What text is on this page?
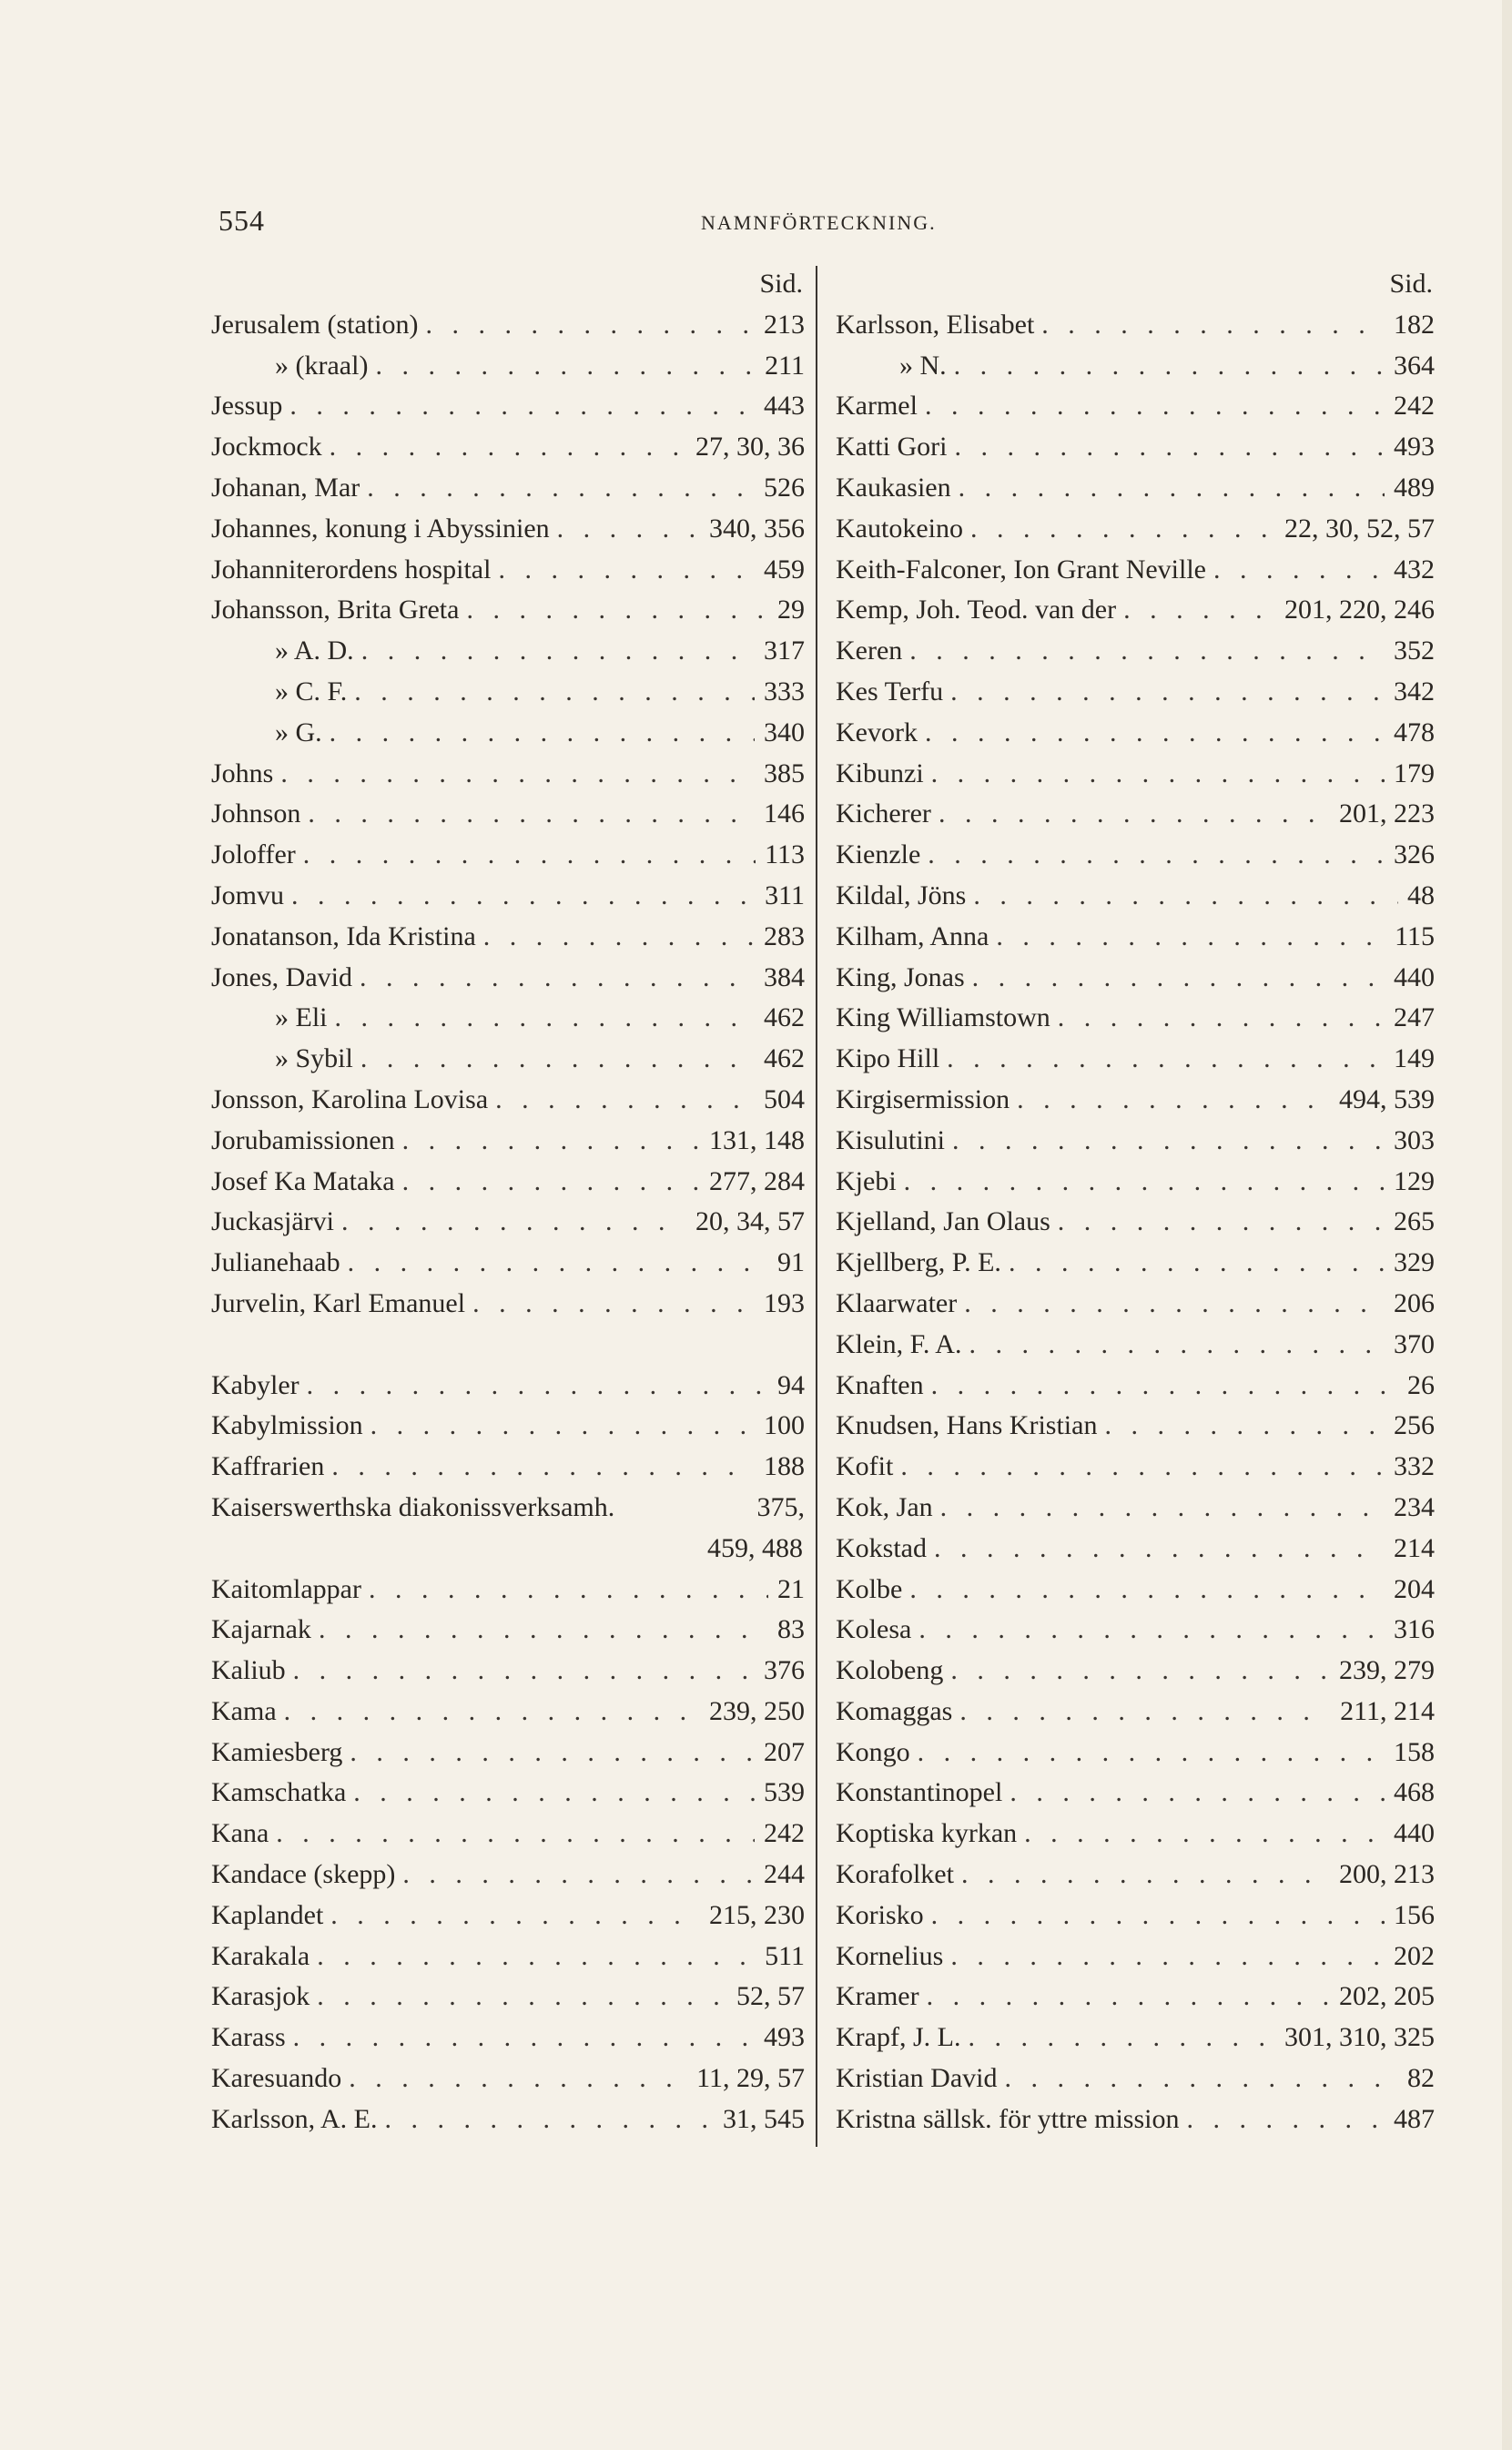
554	NAMNFÖRTECKNING.
Sid.
Jerusalem (station) . . .	213
» (kraal) . . .	211
Jessup . . .	443
Jockmock . . .	27, 30, 36
Johanan, Mar . . .	526
Johannes, konung i Abyssinien . . .	340, 356
Johanniterordens hospital . . .	459
Johansson, Brita Greta . . .	29
» A. D. . . .	317
» C. F. . . .	333
» G. . . .	340
Johns . . .	385
Johnson . . .	146
Joloffer . . .	113
Jomvu . . .	311
Jonatanson, Ida Kristina . . .	283
Jones, David . . .	384
» Eli . . .	462
» Sybil . . .	462
Jonsson, Karolina Lovisa . . .	504
Jorubamissionen . . .	131, 148
Josef Ka Mataka . . .	277, 284
Juckasjärvi . . .	20, 34, 57
Julianehaab . . .	91
Jurvelin, Karl Emanuel . . .	193
Kabyler . . .	94
Kabylmission . . .	100
Kaffrarien . . .	188
Kaiserswerthska diakonissverksamh.	375,
459, 488
Kaitomlappar . . .	21
Kajarnak . . .	83
Kaliub . . .	376
Kama . . .	239, 250
Kamiesberg . . .	207
Kamschatka . . .	539
Kana . . .	242
Kandace (skepp) . . .	244
Kaplandet . . .	215, 230
Karakala . . .	511
Karasjok . . .	52, 57
Karass . . .	493
Karesuando . . .	11, 29, 57
Karlsson, A. E. . . .	31, 545
Sid.
Karlsson, Elisabet . . .	182
» N. . . .	364
Karmel . . .	242
Katti Gori . . .	493
Kaukasien . . .	489
Kautokeino . . .	22, 30, 52, 57
Keith-Falconer, Ion Grant Neville . . .	432
Kemp, Joh. Teod. van der . . .	201, 220, 246
Keren . . .	352
Kes Terfu . . .	342
Kevork . . .	478
Kibunzi . . .	179
Kicherer . . .	201, 223
Kienzle . . .	326
Kildal, Jöns . . .	48
Kilham, Anna . . .	115
King, Jonas . . .	440
King Williamstown . . .	247
Kipo Hill . . .	149
Kirgisermission . . .	494, 539
Kisulutini . . .	303
Kjebi . . .	129
Kjelland, Jan Olaus . . .	265
Kjellberg, P. E. . . .	329
Klaarwater . . .	206
Klein, F. A. . . .	370
Knaften . . .	26
Knudsen, Hans Kristian . . .	256
Kofit . . .	332
Kok, Jan . . .	234
Kokstad . . .	214
Kolbe . . .	204
Kolesa . . .	316
Kolobeng . . .	239, 279
Komaggas . . .	211, 214
Kongo . . .	158
Konstantinopel . . .	468
Koptiska kyrkan . . .	440
Korafolket . . .	200, 213
Korisko . . .	156
Kornelius . . .	202
Kramer . . .	202, 205
Krapf, J. L. . . .	301, 310, 325
Kristian David . . .	82
Kristna sällsk. för yttre mission . . .	487
